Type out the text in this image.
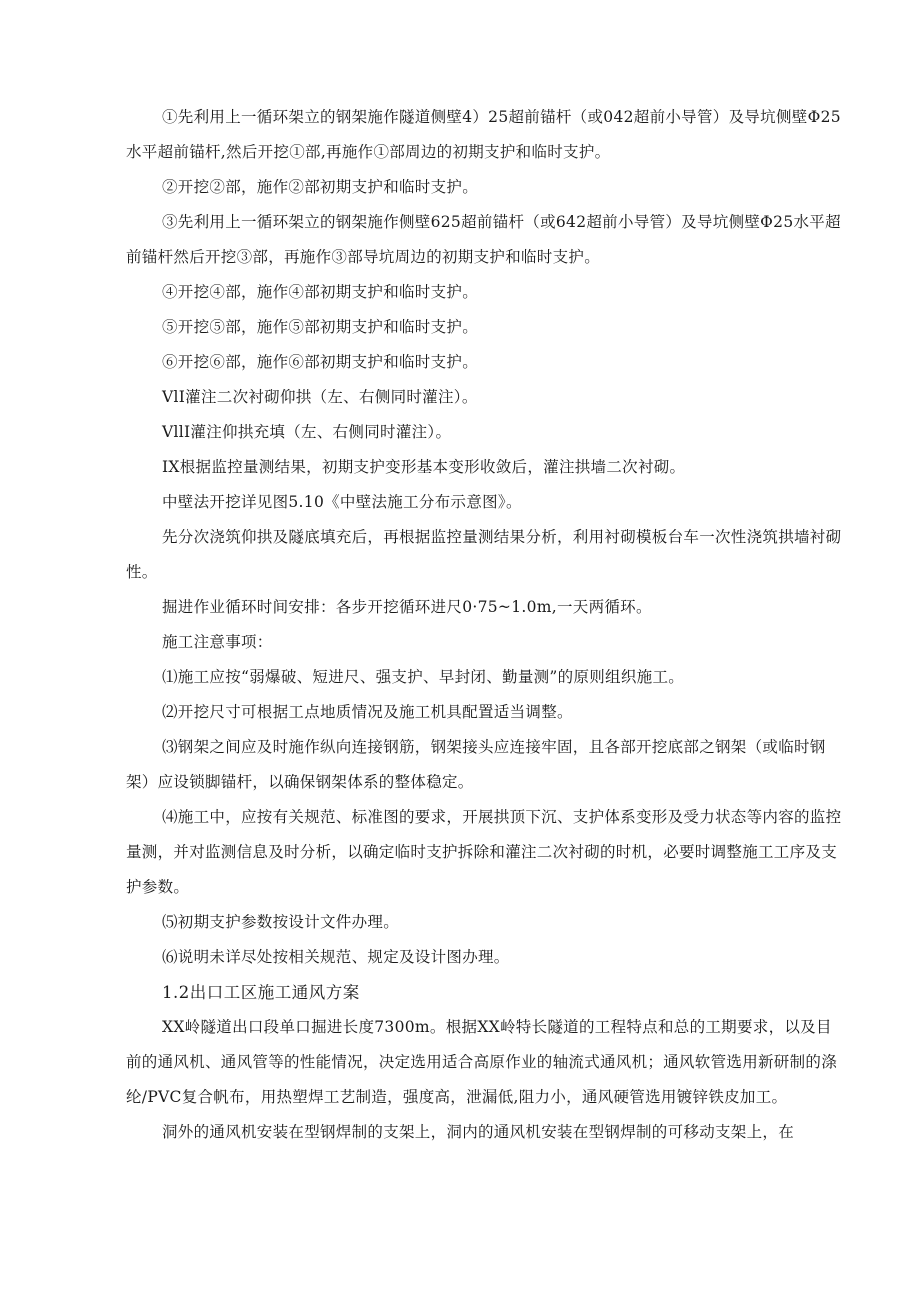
①先利用上一循环架立的钢架施作隧道侧壁4）25超前锚杆（或042超前小导管）及导坑侧壁Φ25水平超前锚杆,然后开挖①部,再施作①部周边的初期支护和临时支护。

②开挖②部，施作②部初期支护和临时支护。

③先利用上一循环架立的钢架施作侧壁625超前锚杆（或642超前小导管）及导坑侧壁Φ25水平超前锚杆然后开挖③部，再施作③部导坑周边的初期支护和临时支护。

④开挖④部，施作④部初期支护和临时支护。

⑤开挖⑤部，施作⑤部初期支护和临时支护。

⑥开挖⑥部，施作⑥部初期支护和临时支护。

VlI灌注二次衬砌仰拱（左、右侧同时灌注）。

VllI灌注仰拱充填（左、右侧同时灌注）。

IX根据监控量测结果，初期支护变形基本变形收敛后，灌注拱墙二次衬砌。

中壁法开挖详见图5.10《中壁法施工分布示意图》。

先分次浇筑仰拱及隧底填充后，再根据监控量测结果分析，利用衬砌模板台车一次性浇筑拱墙衬砌性。

掘进作业循环时间安排：各步开挖循环进尺0·75~1.0m,一天两循环。

施工注意事项：

⑴施工应按“弱爆破、短进尺、强支护、早封闭、勤量测”的原则组织施工。

⑵开挖尺寸可根据工点地质情况及施工机具配置适当调整。

⑶钢架之间应及时施作纵向连接钢筋，钢架接头应连接牢固，且各部开挖底部之钢架（或临时钢架）应设锁脚锚杆，以确保钢架体系的整体稳定。

⑷施工中，应按有关规范、标准图的要求，开展拱顶下沉、支护体系变形及受力状态等内容的监控量测，并对监测信息及时分析，以确定临时支护拆除和灌注二次衬砌的时机，必要时调整施工工序及支护参数。

⑸初期支护参数按设计文件办理。

⑹说明未详尽处按相关规范、规定及设计图办理。

1.2出口工区施工通风方案

XX岭隧道出口段单口掘进长度7300m。根据XX岭特长隧道的工程特点和总的工期要求，以及目前的通风机、通风管等的性能情况，决定选用适合高原作业的轴流式通风机；通风软管选用新研制的涤纶/PVC复合帆布，用热塑焊工艺制造，强度高，泄漏低,阻力小，通风硬管选用镀锌铁皮加工。

洞外的通风机安装在型钢焊制的支架上，洞内的通风机安装在型钢焊制的可移动支架上，在
